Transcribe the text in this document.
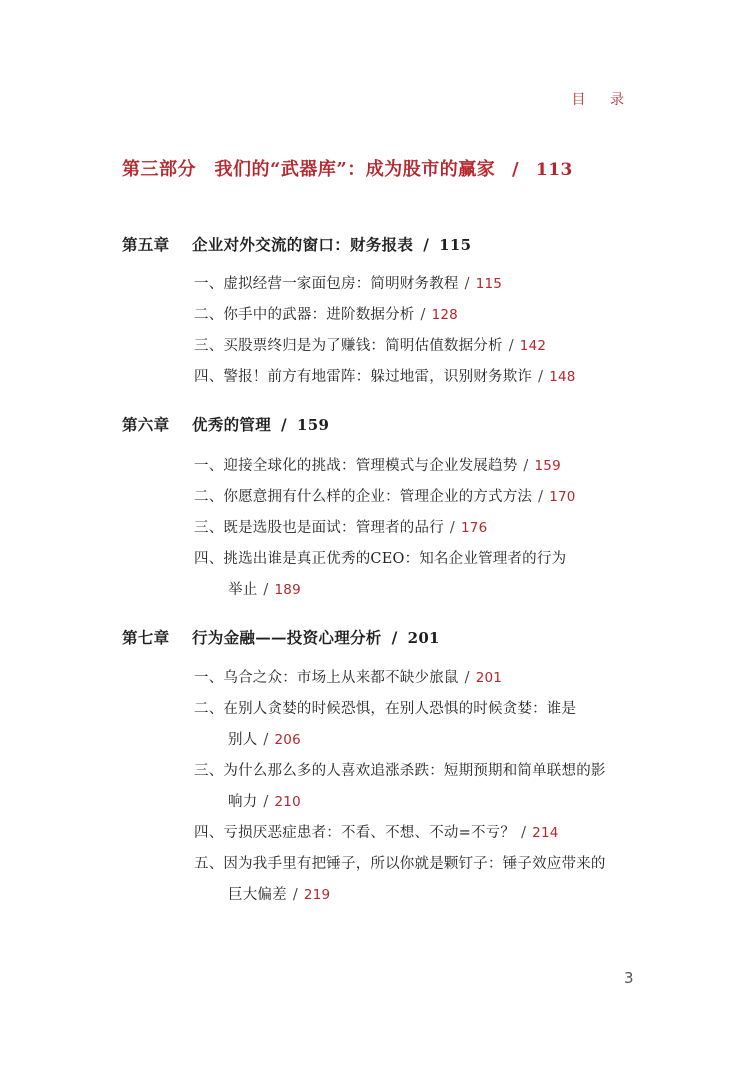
目 录
第三部分　我们的“武器库”：成为股市的赢家 / 113
第五章 企业对外交流的窗口：财务报表 / 115
一、虚拟经营一家面包房：简明财务教程 / 115
二、你手中的武器：进阶数据分析 / 128
三、买股票终归是为了赚钱：简明估值数据分析 / 142
四、警报！前方有地雷阵：躲过地雷，识别财务欺诈 / 148
第六章 优秀的管理 / 159
一、迎接全球化的挑战：管理模式与企业发展趋势 / 159
二、你愿意拥有什么样的企业：管理企业的方式方法 / 170
三、既是选股也是面试：管理者的品行 / 176
四、挑选出谁是真正优秀的CEO：知名企业管理者的行为
举止 / 189
第七章 行为金融——投资心理分析 / 201
一、乌合之众：市场上从来都不缺少旅鼠 / 201
二、在别人贪婪的时候恐惧，在别人恐惧的时候贪婪：谁是
别人 / 206
三、为什么那么多的人喜欢追涨杀跌：短期预期和简单联想的影
响力 / 210
四、亏损厌恶症患者：不看、不想、不动=不亏？ / 214
五、因为我手里有把锤子，所以你就是颗钉子：锤子效应带来的
巨大偏差 / 219
3
